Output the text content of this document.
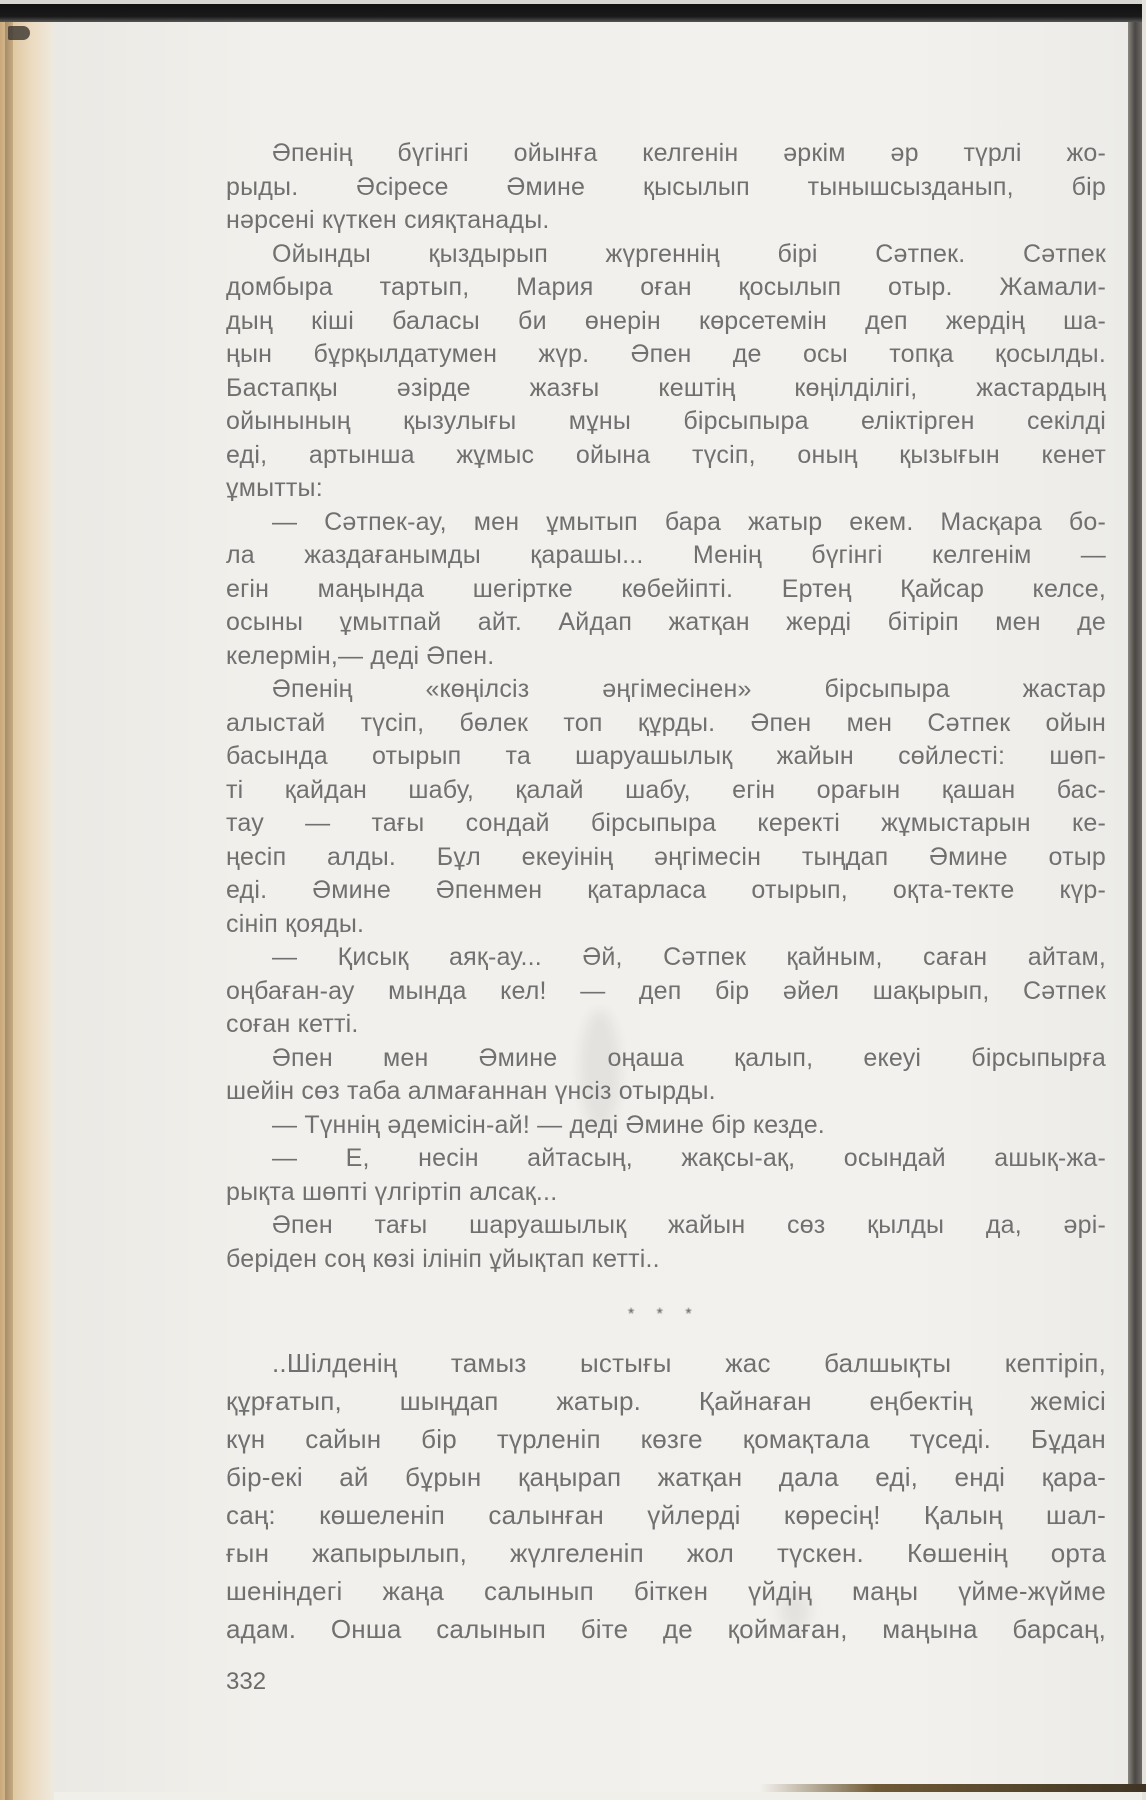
Әпенің бүгінгі ойынға келгенін әркім әр түрлі жо-
рыды. Әсіресе Әмине қысылып тынышсызданып, бір
нәрсені күткен сияқтанады.
Ойынды қыздырып жүргеннің бірі Сәтпек. Сәтпек
домбыра тартып, Мария оған қосылып отыр. Жамали-
дың кіші баласы би өнерін көрсетемін деп жердің ша-
ңын бұрқылдатумен жүр. Әпен де осы топқа қосылды.
Бастапқы әзірде жазғы кештің көңілділігі, жастардың
ойынының қызулығы мұны бірсыпыра еліктірген секілді
еді, артынша жұмыс ойына түсіп, оның қызығын кенет
ұмытты:
— Сәтпек-ау, мен ұмытып бара жатыр екем. Масқара бо-
ла жаздағанымды қарашы... Менің бүгінгі келгенім —
егін маңында шегіртке көбейіпті. Ертең Қайсар келсе,
осыны ұмытпай айт. Айдап жатқан жерді бітіріп мен де
келермін,— деді Әпен.
Әпенің «көңілсіз әңгімесінен» бірсыпыра жастар
алыстай түсіп, бөлек топ құрды. Әпен мен Сәтпек ойын
басында отырып та шаруашылық жайын сөйлесті: шөп-
ті қайдан шабу, қалай шабу, егін орағын қашан бас-
тау — тағы сондай бірсыпыра керекті жұмыстарын ке-
ңесіп алды. Бұл екеуінің әңгімесін тыңдап Әмине отыр
еді. Әмине Әпенмен қатарласа отырып, оқта-текте күр-
сініп қояды.
— Қисық аяқ-ау... Әй, Сәтпек қайным, саған айтам,
оңбаған-ау мында кел! — деп бір әйел шақырып, Сәтпек
соған кетті.
Әпен мен Әмине оңаша қалып, екеуі бірсыпырға
шейін сөз таба алмағаннан үнсіз отырды.
— Түннің әдемісін-ай! — деді Әмине бір кезде.
— Е, несін айтасың, жақсы-ақ, осындай ашық-жа-
рықта шөпті үлгіртіп алсақ...
Әпен тағы шаруашылық жайын сөз қылды да, әрі-
беріден соң көзі ілініп ұйықтап кетті..
* * *
..Шілденің тамыз ыстығы жас балшықты кептіріп,
құрғатып, шыңдап жатыр. Қайнаған еңбектің жемісі
күн сайын бір түрленіп көзге қомақтала түседі. Бұдан
бір-екі ай бұрын қаңырап жатқан дала еді, енді қара-
саң: көшеленіп салынған үйлерді көресің! Қалың шал-
ғын жапырылып, жүлгеленіп жол түскен. Көшенің орта
шеніндегі жаңа салынып біткен үйдің маңы үйме-жүйме
адам. Онша салынып біте де қоймаған, маңына барсаң,
332
